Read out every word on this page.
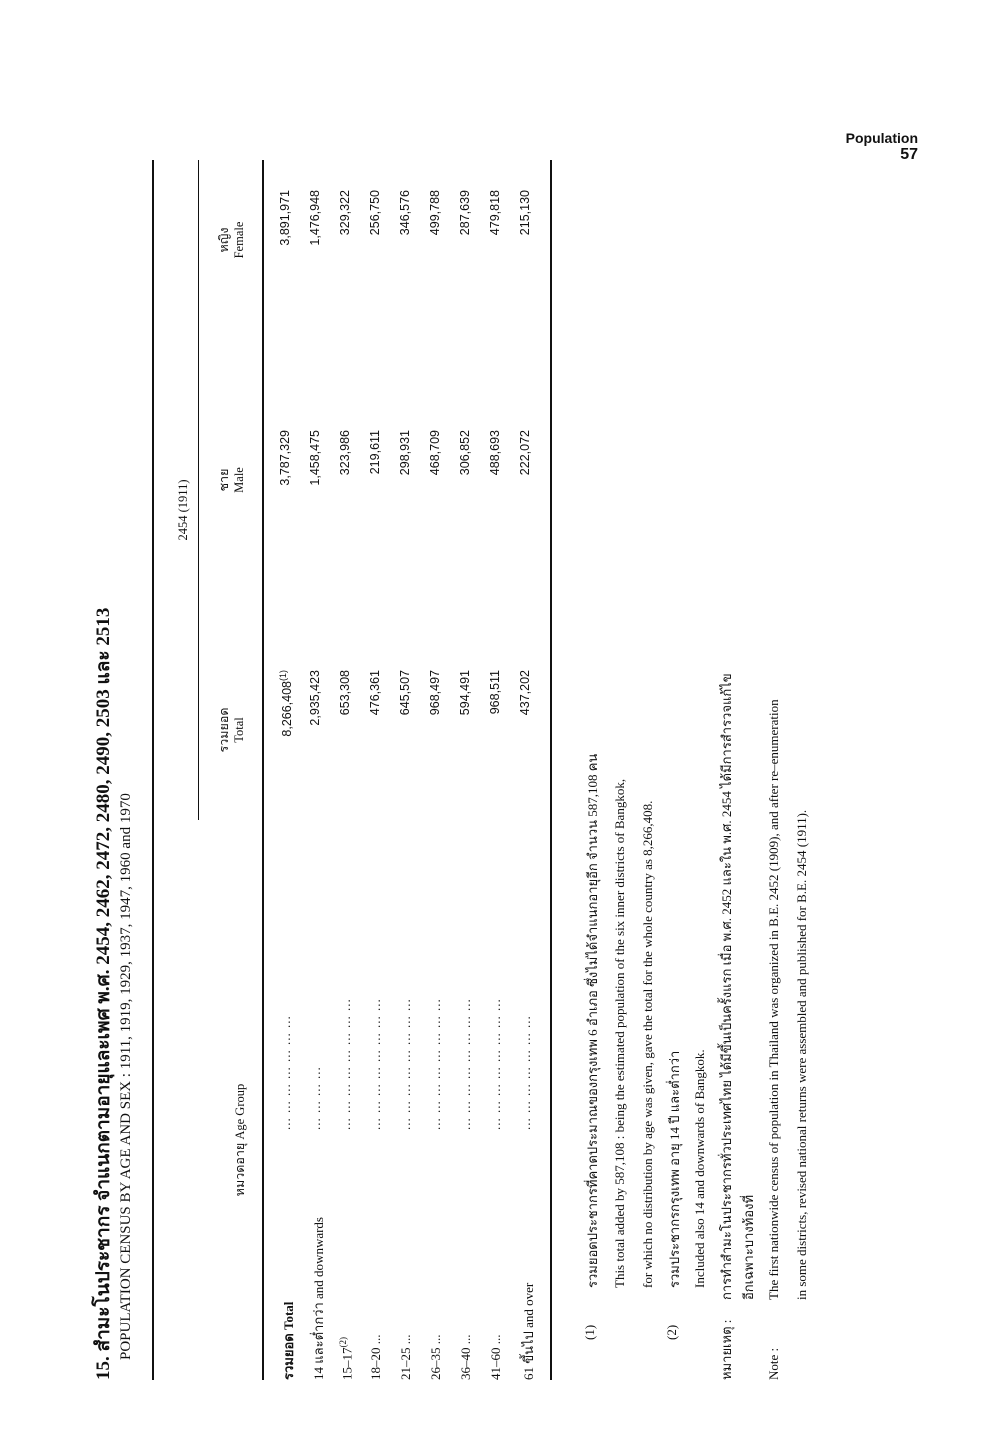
Population
57
15. สำมะโนประชากร จำแนกตามอายุและเพศ พ.ศ. 2454, 2462, 2472, 2480, 2490, 2503 และ 2513 POPULATION CENSUS BY AGE AND SEX : 1911, 1919, 1929, 1937, 1947, 1960 and 1970	หมวดอายุ Age Group
2454 (1911)
รวมยอด Total
ชาย Male
หญิง Female
รวมยอด Total
... ... ... ... ... ... ...
8,266,408$^{(1)}$
3,787,329
3,891,971
14 และต่ำกว่า and downwards
... ... ... ...
2,935,423
1,458,475
1,476,948
15–17$^{(2)}$
... ... ... ... ... ... ... ...
653,308
323,986
329,322
18–20 ...
... ... ... ... ... ... ... ...
476,361
219,611
256,750
21–25 ...
... ... ... ... ... ... ... ...
645,507
298,931
346,576
26–35 ...
... ... ... ... ... ... ... ...
968,497
468,709
499,788
36–40 ...
... ... ... ... ... ... ... ...
594,491
306,852
287,639
41–60 ...
... ... ... ... ... ... ... ...
968,511
488,693
479,818
61 ขึ้นไป and over
... ... ... ... ... ... ...
437,202
222,072
215,130
(1)
รวมยอดประชากรที่คาดประมาณของกรุงเทพ 6 อำเภอ ซึ่งไม่ได้จำแนกอายุอีก จำนวน 587,108 คน This total added by 587,108 : being the estimated population of the six inner districts of Bangkok, for which no distribution by age was given, gave the total for the whole country as 8,266,408.
(2)
รวมประชากรกรุงเทพ อายุ 14 ปี และต่ำกว่า Included also 14 and downwards of Bangkok.
หมายเหตุ :
การทำสำมะโนประชากรทั่วประเทศไทย ได้มีขึ้นเป็นครั้งแรก เมื่อ พ.ศ. 2452 และใน พ.ศ. 2454 ได้มีการสำรวจแก้ไข อีกเฉพาะบางท้องที่
Note :
The first nationwide census of population in Thailand was organized in B.E. 2452 (1909), and after re–enumeration in some districts, revised national returns were assembled and published for B.E. 2454 (1911).
